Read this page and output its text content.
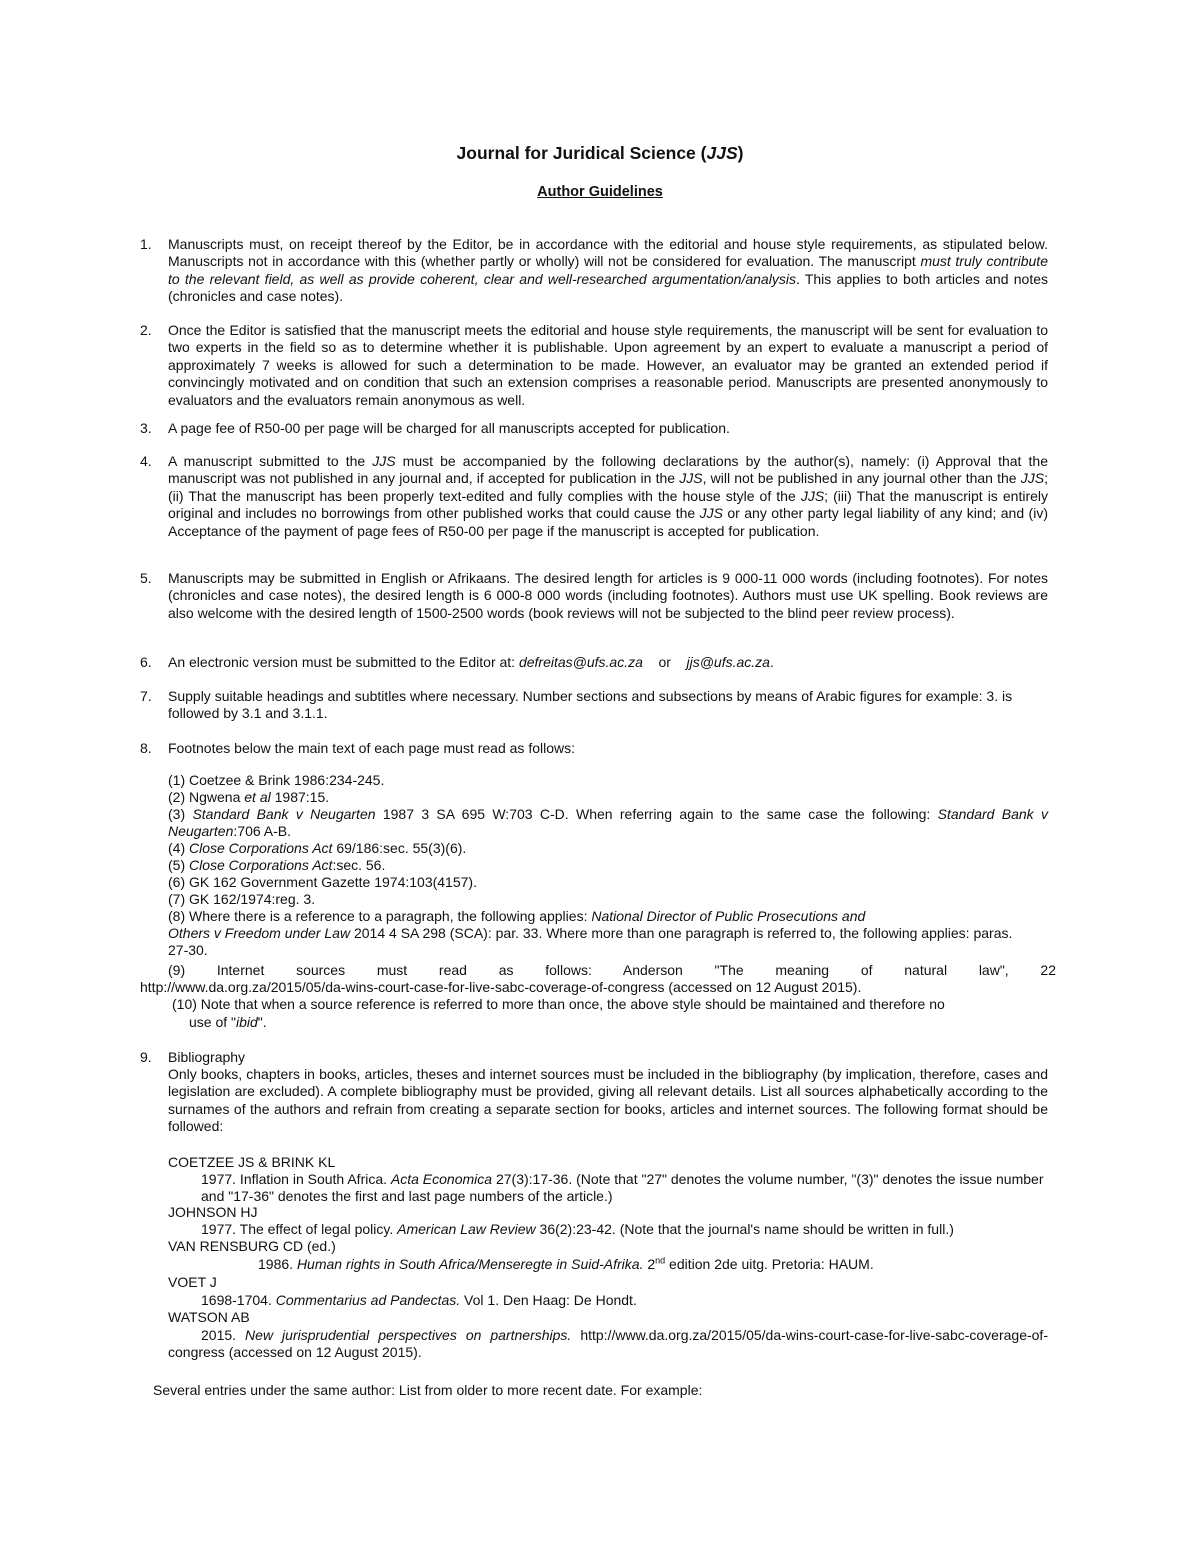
Journal for Juridical Science (JJS)
Author Guidelines
1.	Manuscripts must, on receipt thereof by the Editor, be in accordance with the editorial and house style requirements, as stipulated below. Manuscripts not in accordance with this (whether partly or wholly) will not be considered for evaluation. The manuscript must truly contribute to the relevant field, as well as provide coherent, clear and well-researched argumentation/analysis. This applies to both articles and notes (chronicles and case notes).
2.	Once the Editor is satisfied that the manuscript meets the editorial and house style requirements, the manuscript will be sent for evaluation to two experts in the field so as to determine whether it is publishable. Upon agreement by an expert to evaluate a manuscript a period of approximately 7 weeks is allowed for such a determination to be made. However, an evaluator may be granted an extended period if convincingly motivated and on condition that such an extension comprises a reasonable period. Manuscripts are presented anonymously to evaluators and the evaluators remain anonymous as well.
3.	A page fee of R50-00 per page will be charged for all manuscripts accepted for publication.
4.	A manuscript submitted to the JJS must be accompanied by the following declarations by the author(s), namely: (i) Approval that the manuscript was not published in any journal and, if accepted for publication in the JJS, will not be published in any journal other than the JJS; (ii) That the manuscript has been properly text-edited and fully complies with the house style of the JJS; (iii) That the manuscript is entirely original and includes no borrowings from other published works that could cause the JJS or any other party legal liability of any kind; and (iv) Acceptance of the payment of page fees of R50-00 per page if the manuscript is accepted for publication.
5.	Manuscripts may be submitted in English or Afrikaans. The desired length for articles is 9 000-11 000 words (including footnotes). For notes (chronicles and case notes), the desired length is 6 000-8 000 words (including footnotes). Authors must use UK spelling. Book reviews are also welcome with the desired length of 1500-2500 words (book reviews will not be subjected to the blind peer review process).
6.	An electronic version must be submitted to the Editor at: defreitas@ufs.ac.za or jjs@ufs.ac.za.
7.	Supply suitable headings and subtitles where necessary. Number sections and subsections by means of Arabic figures for example: 3. is followed by 3.1 and 3.1.1.
8.	Footnotes below the main text of each page must read as follows:
(1) Coetzee & Brink 1986:234-245.
(2) Ngwena et al 1987:15.
(3) Standard Bank v Neugarten 1987 3 SA 695 W:703 C-D. When referring again to the same case the following: Standard Bank v Neugarten:706 A-B.
(4) Close Corporations Act 69/186:sec. 55(3)(6).
(5) Close Corporations Act:sec. 56.
(6) GK 162 Government Gazette 1974:103(4157).
(7) GK 162/1974:reg. 3.
(8) Where there is a reference to a paragraph, the following applies: National Director of Public Prosecutions and
Others v Freedom under Law 2014 4 SA 298 (SCA): par. 33. Where more than one paragraph is referred to, the following applies: paras. 27-30.
(9) Internet sources must read as follows: Anderson "The meaning of natural law", 22
http://www.da.org.za/2015/05/da-wins-court-case-for-live-sabc-coverage-of-congress (accessed on 12 August 2015).
(10) Note that when a source reference is referred to more than once, the above style should be maintained and therefore no
use of "ibid".
9.	Bibliography
Only books, chapters in books, articles, theses and internet sources must be included in the bibliography (by implication, therefore, cases and legislation are excluded). A complete bibliography must be provided, giving all relevant details. List all sources alphabetically according to the surnames of the authors and refrain from creating a separate section for books, articles and internet sources. The following format should be followed:
COETZEE JS & BRINK KL
1977. Inflation in South Africa. Acta Economica 27(3):17-36. (Note that "27" denotes the volume number, "(3)" denotes the issue number and "17-36" denotes the first and last page numbers of the article.)
JOHNSON HJ
1977. The effect of legal policy. American Law Review 36(2):23-42. (Note that the journal's name should be written in full.)
VAN RENSBURG CD (ed.)
1986. Human rights in South Africa/Menseregte in Suid-Afrika. 2nd edition 2de uitg. Pretoria: HAUM.
VOET J
1698-1704. Commentarius ad Pandectas. Vol 1. Den Haag: De Hondt.
WATSON AB
2015. New jurisprudential perspectives on partnerships. http://www.da.org.za/2015/05/da-wins-court-case-for-live-sabc-coverage-of-congress (accessed on 12 August 2015).
Several entries under the same author: List from older to more recent date. For example:
